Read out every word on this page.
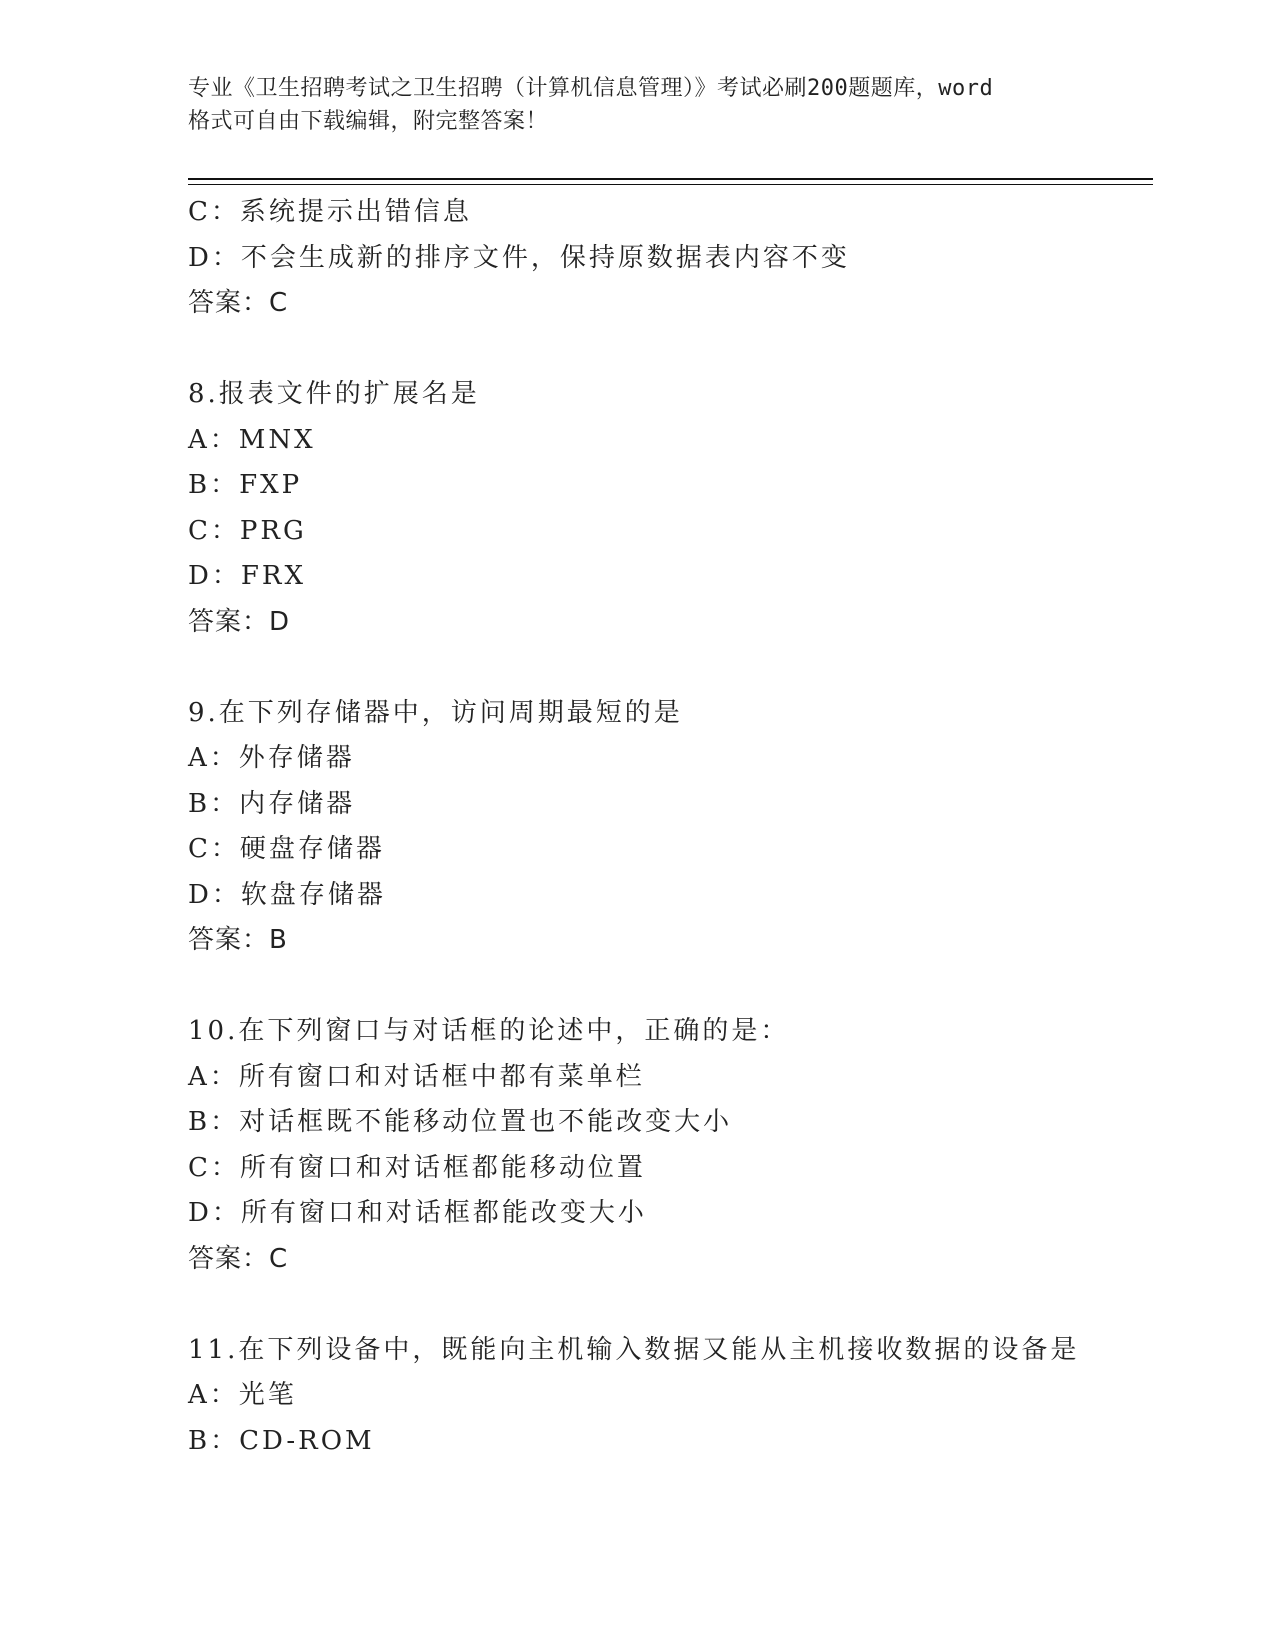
专业《卫生招聘考试之卫生招聘（计算机信息管理）》考试必刷200题题库，word
格式可自由下载编辑，附完整答案！
C：系统提示出错信息
D：不会生成新的排序文件，保持原数据表内容不变
答案：C
8.报表文件的扩展名是
A：MNX
B：FXP
C：PRG
D：FRX
答案：D
9.在下列存储器中，访问周期最短的是
A：外存储器
B：内存储器
C：硬盘存储器
D：软盘存储器
答案：B
10.在下列窗口与对话框的论述中，正确的是：
A：所有窗口和对话框中都有菜单栏
B：对话框既不能移动位置也不能改变大小
C：所有窗口和对话框都能移动位置
D：所有窗口和对话框都能改变大小
答案：C
11.在下列设备中，既能向主机输入数据又能从主机接收数据的设备是
A：光笔
B：CD-ROM
